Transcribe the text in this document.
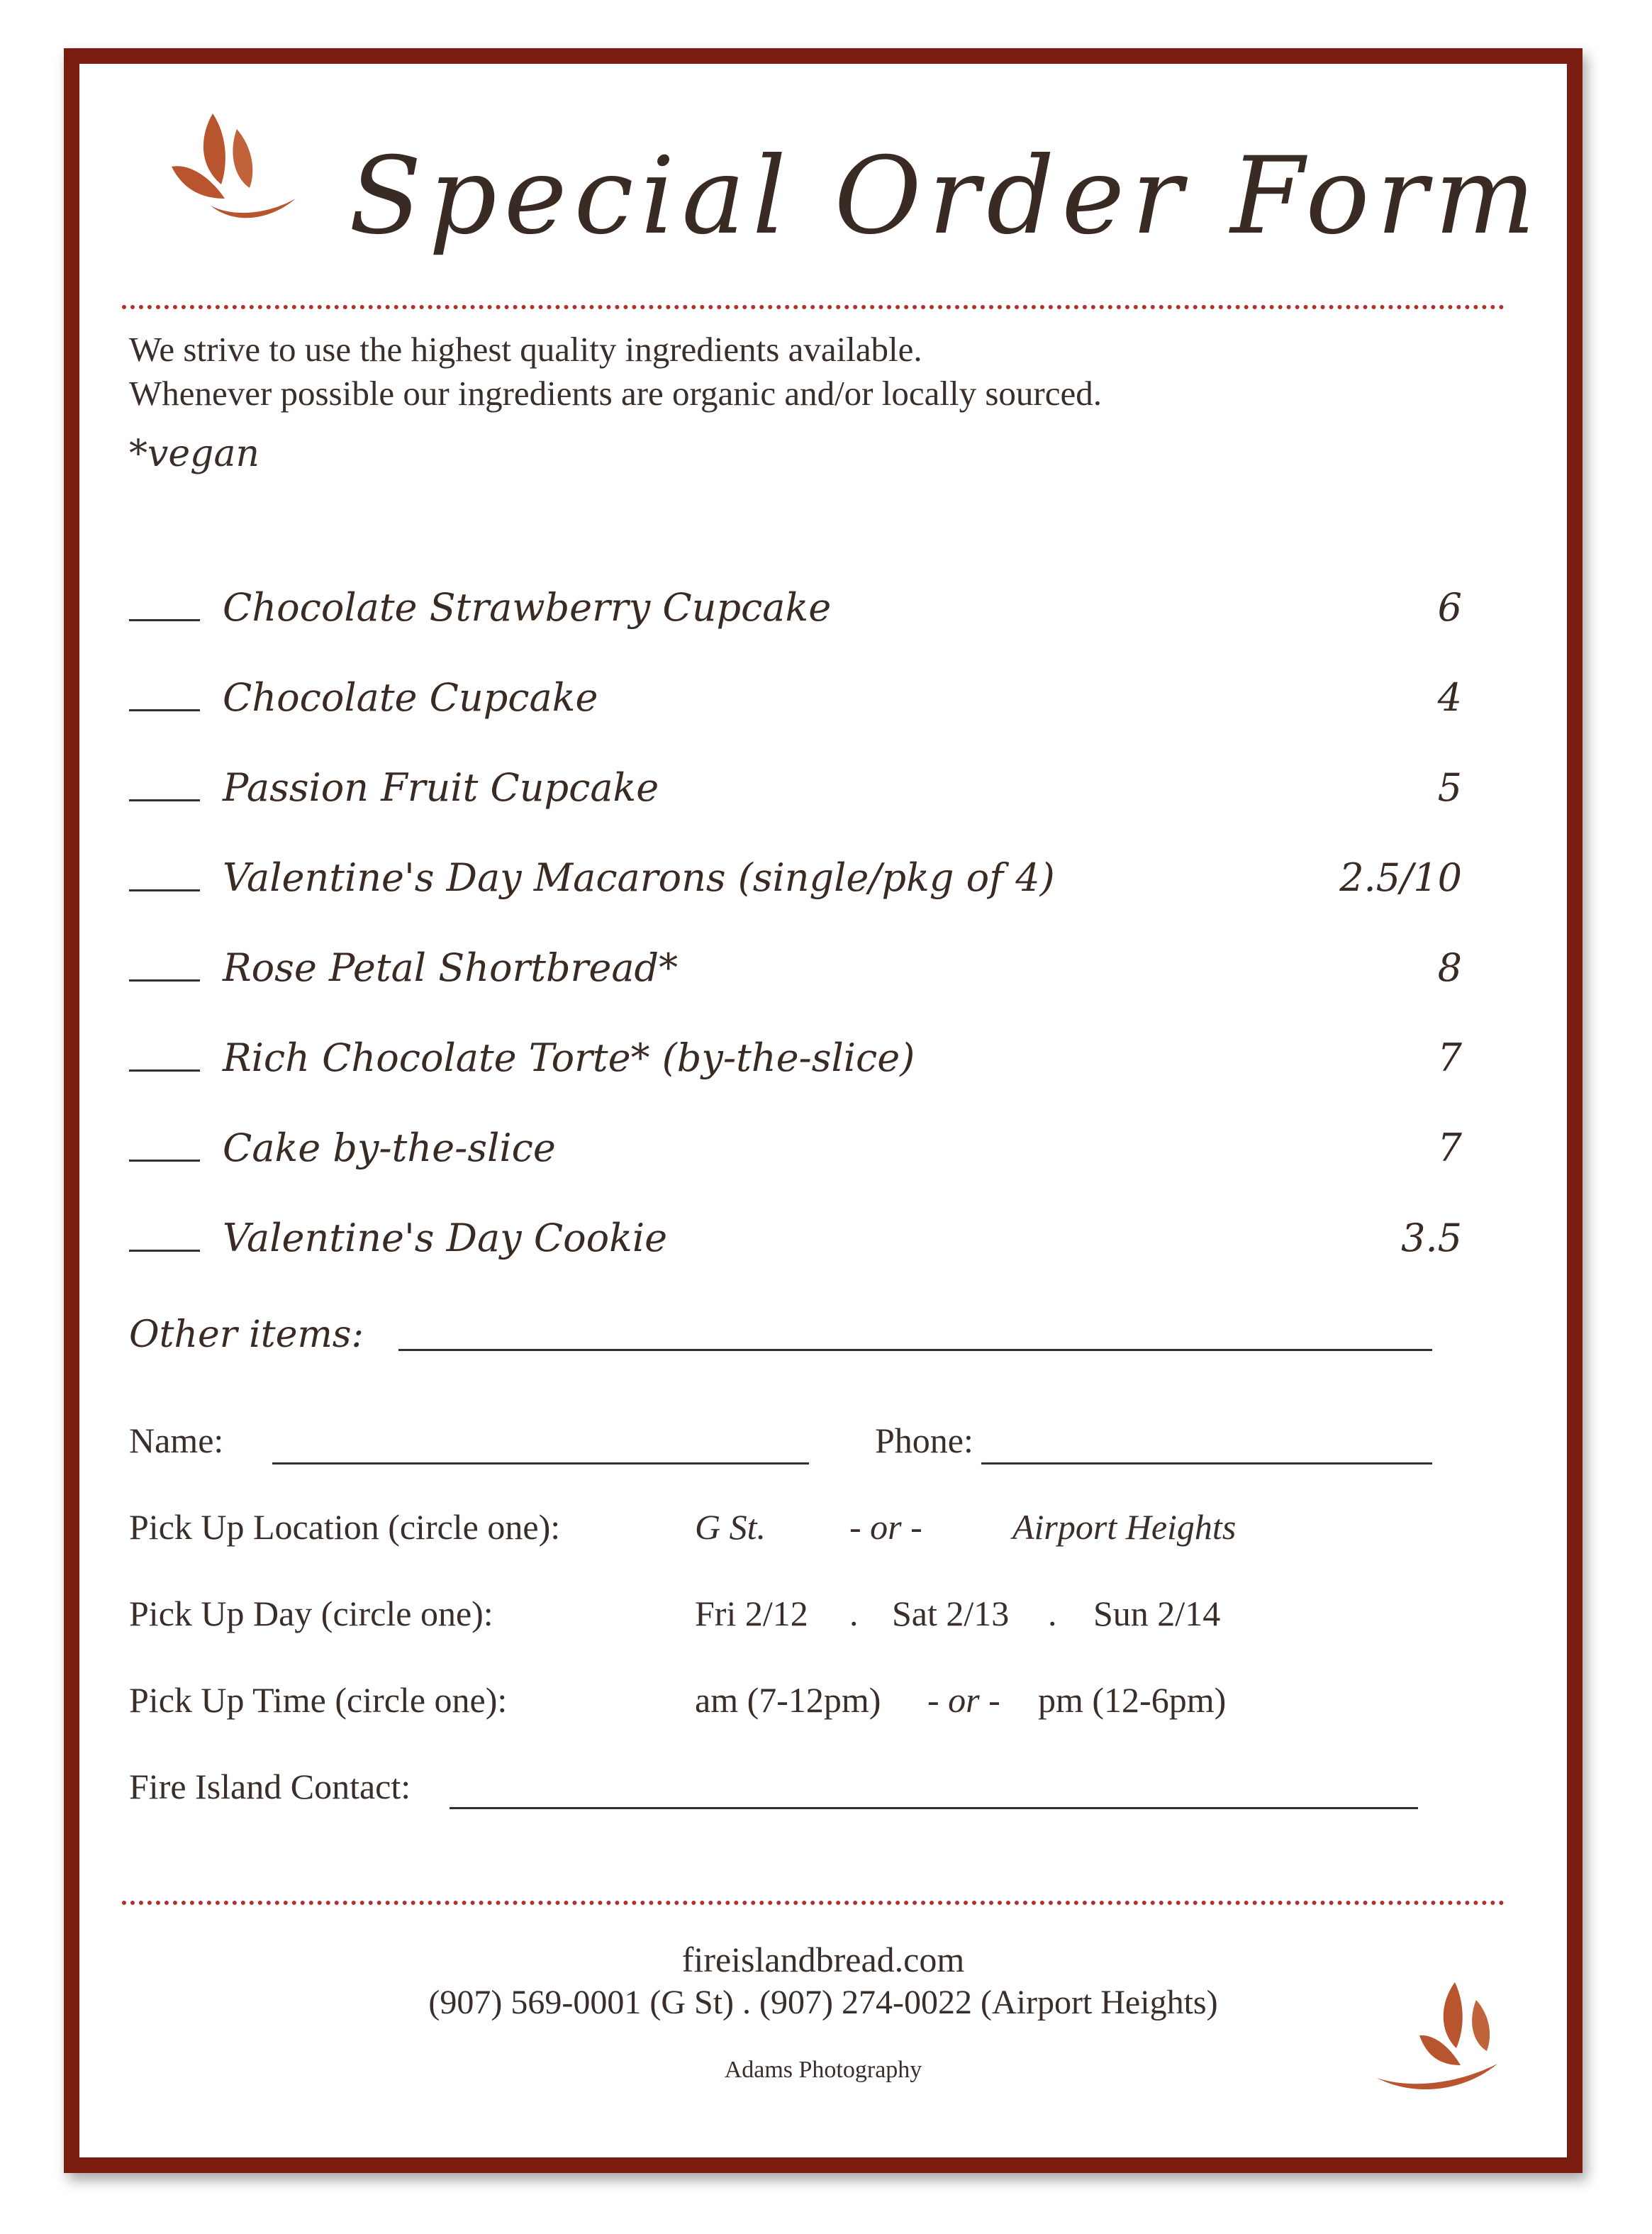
Special Order Form
We strive to use the highest quality ingredients available.
Whenever possible our ingredients are organic and/or locally sourced.
*vegan
Chocolate Strawberry Cupcake	6
Chocolate Cupcake	4
Passion Fruit Cupcake	5
Valentine's Day Macarons (single/pkg of 4)	2.5/10
Rose Petal Shortbread*	8
Rich Chocolate Torte* (by-the-slice)	7
Cake by-the-slice	7
Valentine's Day Cookie	3.5
Other items:
Name:	Phone:
Pick Up Location (circle one):	G St. - or -	Airport Heights
Pick Up Day (circle one):	Fri 2/12 . Sat 2/13 . Sun 2/14
Pick Up Time (circle one):	am (7-12pm) - or - pm (12-6pm)
Fire Island Contact:
fireislandbread.com
(907) 569-0001 (G St) . (907) 274-0022 (Airport Heights)
Adams Photography
